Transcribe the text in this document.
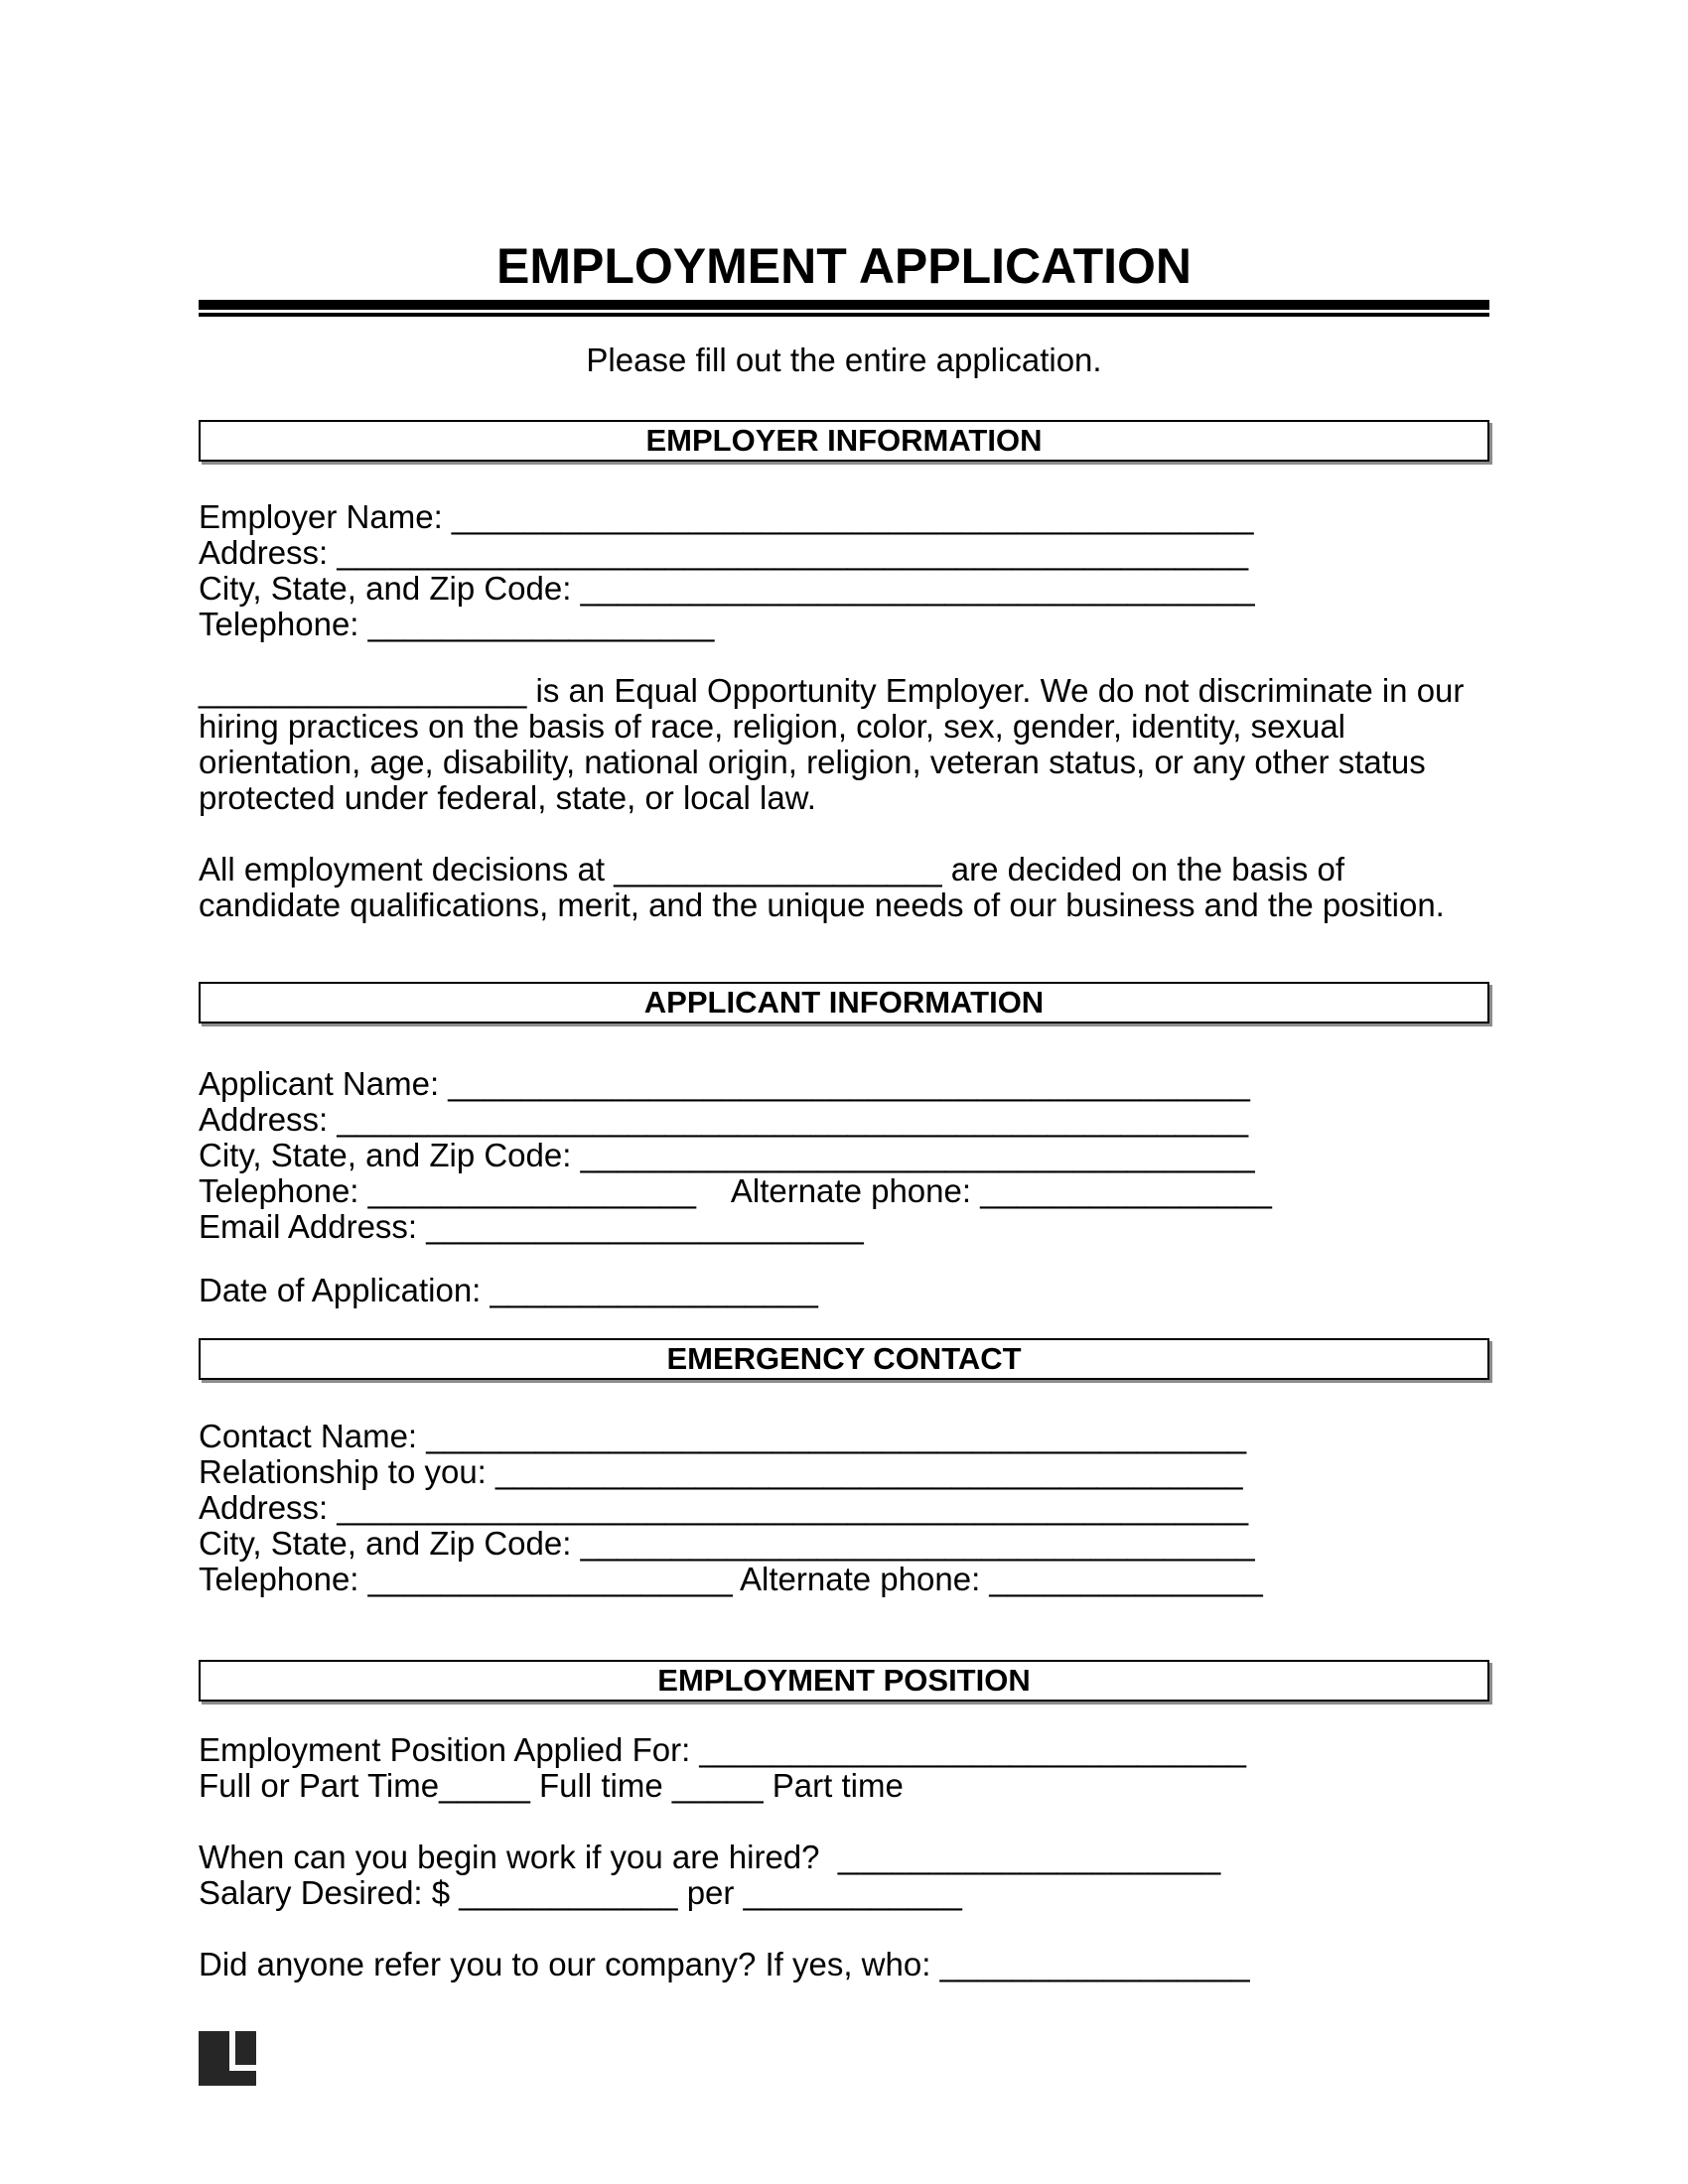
EMPLOYMENT APPLICATION
Please fill out the entire application.
EMPLOYER INFORMATION
Employer Name: ____________________________________________
Address: __________________________________________________
City, State, and Zip Code: _____________________________________
Telephone: ___________________
__________________ is an Equal Opportunity Employer. We do not discriminate in our hiring practices on the basis of race, religion, color, sex, gender, identity, sexual orientation, age, disability, national origin, religion, veteran status, or any other status protected under federal, state, or local law.
All employment decisions at __________________ are decided on the basis of candidate qualifications, merit, and the unique needs of our business and the position.
APPLICANT INFORMATION
Applicant Name: ____________________________________________
Address: __________________________________________________
City, State, and Zip Code: _____________________________________
Telephone: __________________    Alternate phone: ________________
Email Address: ________________________
Date of Application: __________________
EMERGENCY CONTACT
Contact Name: _____________________________________________
Relationship to you: _________________________________________
Address: __________________________________________________
City, State, and Zip Code: _____________________________________
Telephone: ____________________ Alternate phone: _______________
EMPLOYMENT POSITION
Employment Position Applied For: ______________________________
Full or Part Time_____ Full time _____ Part time
When can you begin work if you are hired?  _____________________
Salary Desired: $ ____________ per ____________
Did anyone refer you to our company? If yes, who: _________________
